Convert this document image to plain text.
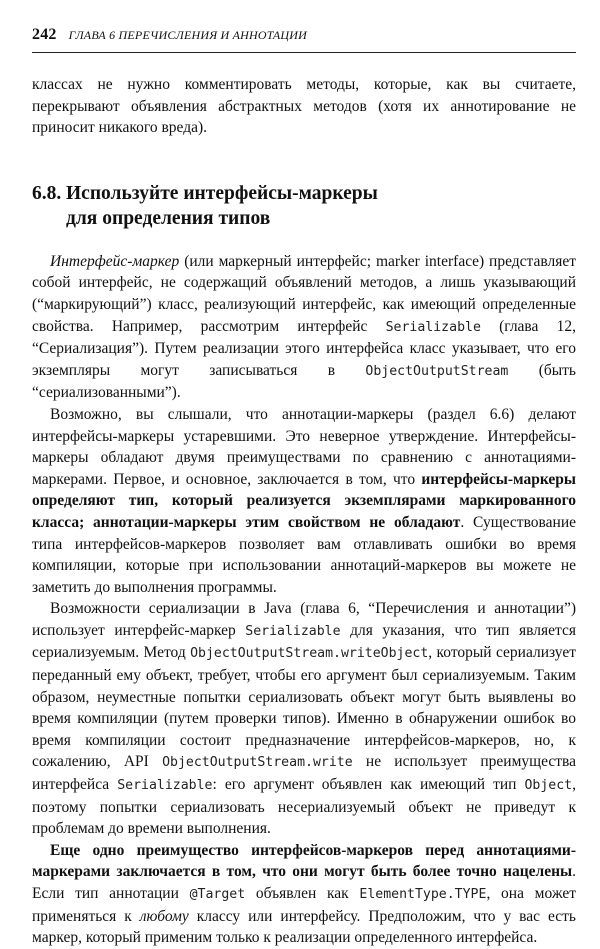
242 ГЛАВА 6 ПЕРЕЧИСЛЕНИЯ И АННОТАЦИИ

классах не нужно комментировать методы, которые, как вы считаете, перекрывают объявления абстрактных методов (хотя их аннотирование не приносит никакого вреда).

6.8. Используйте интерфейсы-маркеры
для определения типов

Интерфейс-маркер (или маркерный интерфейс; marker interface) представляет собой интерфейс, не содержащий объявлений методов, а лишь указывающий (“маркирующий”) класс, реализующий интерфейс, как имеющий определенные свойства. Например, рассмотрим интерфейс Serializable (глава 12, “Сериализация”). Путем реализации этого интерфейса класс указывает, что его экземпляры могут записываться в ObjectOutputStream (быть “сериализованными”).

Возможно, вы слышали, что аннотации-маркеры (раздел 6.6) делают интерфейсы-маркеры устаревшими. Это неверное утверждение. Интерфейсы-маркеры обладают двумя преимуществами по сравнению с аннотациями-маркерами. Первое, и основное, заключается в том, что интерфейсы-маркеры определяют тип, который реализуется экземплярами маркированного класса; аннотации-маркеры этим свойством не обладают. Существование типа интерфейсов-маркеров позволяет вам отлавливать ошибки во время компиляции, которые при использовании аннотаций-маркеров вы можете не заметить до выполнения программы.

Возможности сериализации в Java (глава 6, “Перечисления и аннотации”) использует интерфейс-маркер Serializable для указания, что тип является сериализуемым. Метод ObjectOutputStream.writeObject, который сериализует переданный ему объект, требует, чтобы его аргумент был сериализуемым. Таким образом, неуместные попытки сериализовать объект могут быть выявлены во время компиляции (путем проверки типов). Именно в обнаружении ошибок во время компиляции состоит предназначение интерфейсов-маркеров, но, к сожалению, API ObjectOutputStream.write не использует преимущества интерфейса Serializable: его аргумент объявлен как имеющий тип Object, поэтому попытки сериализовать несериализуемый объект не приведут к проблемам до времени выполнения.

Еще одно преимущество интерфейсов-маркеров перед аннотациями-маркерами заключается в том, что они могут быть более точно нацелены. Если тип аннотации @Target объявлен как ElementType.TYPE, она может применяться к любому классу или интерфейсу. Предположим, что у вас есть маркер, который применим только к реализации определенного интерфейса.
